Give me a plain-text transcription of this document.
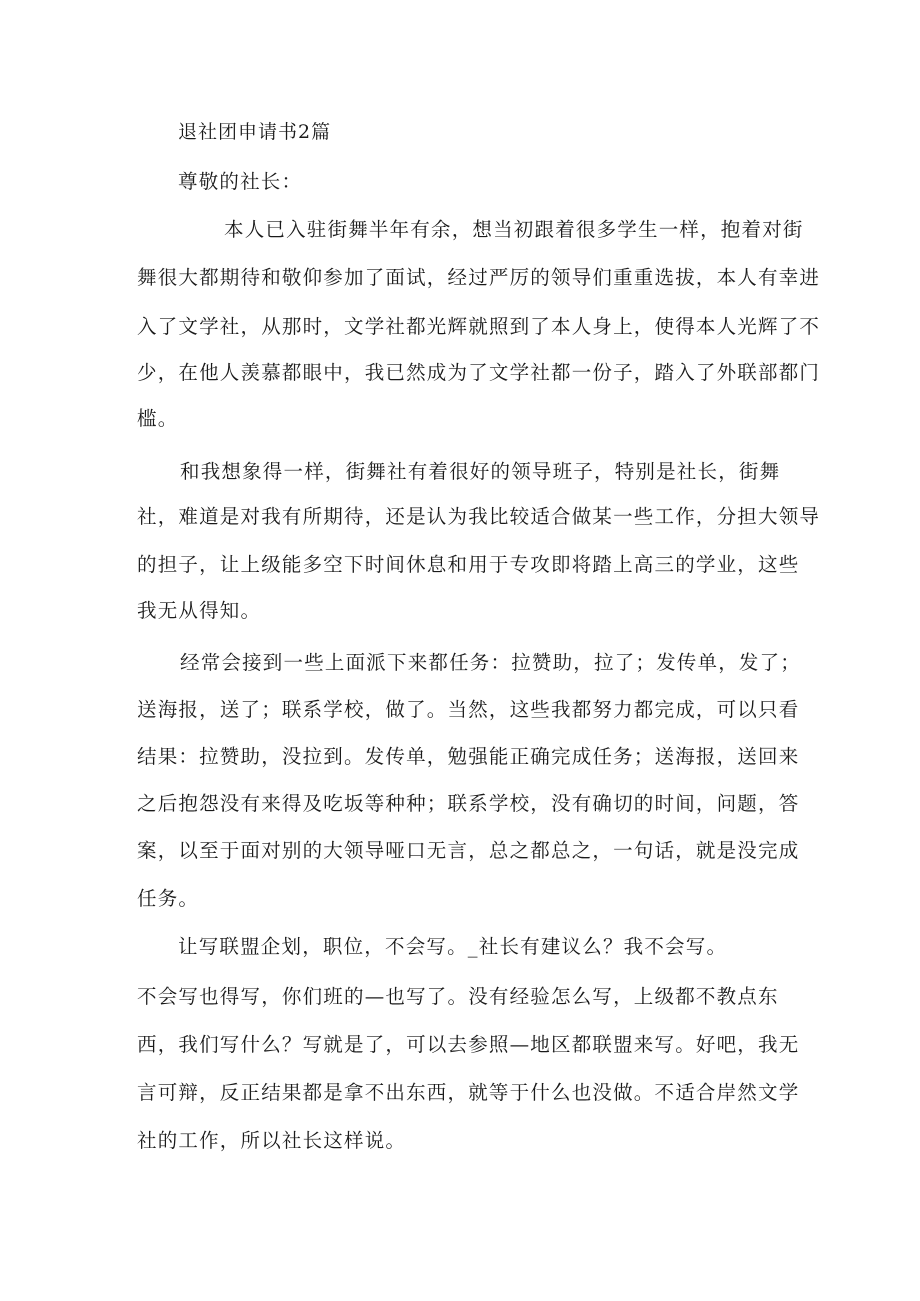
退社团申请书2篇
尊敬的社长：
本人已入驻街舞半年有余，想当初跟着很多学生一样，抱着对街
舞很大都期待和敬仰参加了面试，经过严厉的领导们重重选拔，本人有幸进
入了文学社，从那时，文学社都光辉就照到了本人身上，使得本人光辉了不
少，在他人羡慕都眼中，我已然成为了文学社都一份子，踏入了外联部都门
槛。
和我想象得一样，街舞社有着很好的领导班子，特别是社长，街舞
社，难道是对我有所期待，还是认为我比较适合做某一些工作，分担大领导
的担子，让上级能多空下时间休息和用于专攻即将踏上高三的学业，这些
我无从得知。
经常会接到一些上面派下来都任务：拉赞助，拉了；发传单，发了；
送海报，送了；联系学校，做了。当然，这些我都努力都完成，可以只看
结果：拉赞助，没拉到。发传单，勉强能正确完成任务；送海报，送回来
之后抱怨没有来得及吃坂等种种；联系学校，没有确切的时间，问题，答
案，以至于面对别的大领导哑口无言，总之都总之，一句话，就是没完成
任务。
让写联盟企划，职位，不会写。_社长有建议么？我不会写。
不会写也得写，你们班的—也写了。没有经验怎么写，上级都不教点东
西，我们写什么？写就是了，可以去参照—地区都联盟来写。好吧，我无
言可辩，反正结果都是拿不出东西，就等于什么也没做。不适合岸然文学
社的工作，所以社长这样说。
